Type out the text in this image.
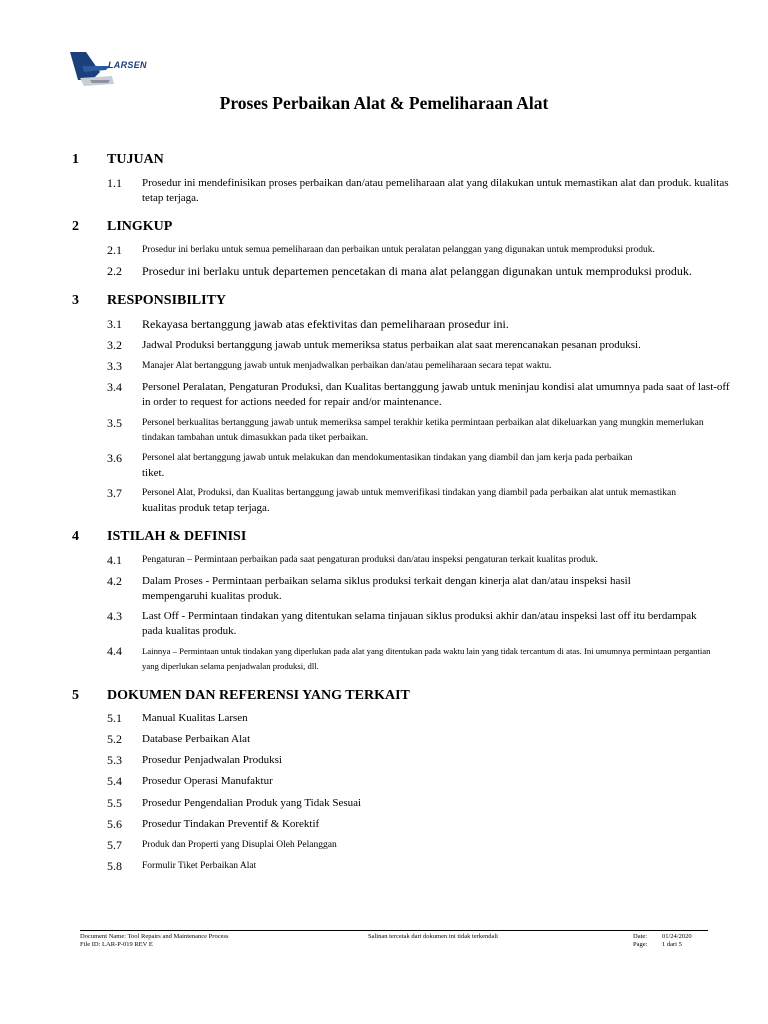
LARSEN
Proses Perbaikan Alat & Pemeliharaan Alat
1 TUJUAN
2 LINGKUP
3 RESPONSIBILITY
4 ISTILAH & DEFINISI
5 DOKUMEN DAN REFERENSI YANG TERKAIT
1.1 Prosedur ini mendefinisikan proses perbaikan dan/atau pemeliharaan alat yang dilakukan untuk memastikan alat dan produk. kualitas tetap terjaga.
2.1 Prosedur ini berlaku untuk semua pemeliharaan dan perbaikan untuk peralatan pelanggan yang digunakan untuk memproduksi produk.
2.2 Prosedur ini berlaku untuk departemen pencetakan di mana alat pelanggan digunakan untuk memproduksi produk.
3.1 Rekayasa bertanggung jawab atas efektivitas dan pemeliharaan prosedur ini.
3.2 Jadwal Produksi bertanggung jawab untuk memeriksa status perbaikan alat saat merencanakan pesanan produksi.
3.3 Manajer Alat bertanggung jawab untuk menjadwalkan perbaikan dan/atau pemeliharaan secara tepat waktu.
3.4 Personel Peralatan, Pengaturan Produksi, dan Kualitas bertanggung jawab untuk meninjau kondisi alat umumnya pada saat of last-off in order to request for actions needed for repair and/or maintenance.
3.5 Personel berkualitas bertanggung jawab untuk memeriksa sampel terakhir ketika permintaan perbaikan alat dikeluarkan yang mungkin memerlukan tindakan tambahan untuk dimasukkan pada tiket perbaikan.
3.6 Personel alat bertanggung jawab untuk melakukan dan mendokumentasikan tindakan yang diambil dan jam kerja pada perbaikan
tiket.
3.7 Personel Alat, Produksi, dan Kualitas bertanggung jawab untuk memverifikasi tindakan yang diambil pada perbaikan alat untuk memastikan
kualitas produk tetap terjaga.
4.1 Pengaturan – Permintaan perbaikan pada saat pengaturan produksi dan/atau inspeksi pengaturan terkait kualitas produk.
4.2 Dalam Proses - Permintaan perbaikan selama siklus produksi terkait dengan kinerja alat dan/atau inspeksi hasil mempengaruhi kualitas produk.
4.3 Last Off - Permintaan tindakan yang ditentukan selama tinjauan siklus produksi akhir dan/atau inspeksi last off itu berdampak pada kualitas produk.
4.4 Lainnya – Permintaan untuk tindakan yang diperlukan pada alat yang ditentukan pada waktu lain yang tidak tercantum di atas. Ini umumnya permintaan pergantian yang diperlukan selama penjadwalan produksi, dll.
5.1 Manual Kualitas Larsen
5.2 Database Perbaikan Alat
5.3 Prosedur Penjadwalan Produksi
5.4 Prosedur Operasi Manufaktur
5.5 Prosedur Pengendalian Produk yang Tidak Sesuai
5.6 Prosedur Tindakan Preventif & Korektif
5.7 Produk dan Properti yang Disuplai Oleh Pelanggan
5.8 Formulir Tiket Perbaikan Alat
Document Name: Tool Repairs and Maintenance Process
File ID: LAR-P-019 REV E
Salinan tercetak dari dokumen ini tidak terkendali	Date: 01/24/2020
Page: 1 dari 5
